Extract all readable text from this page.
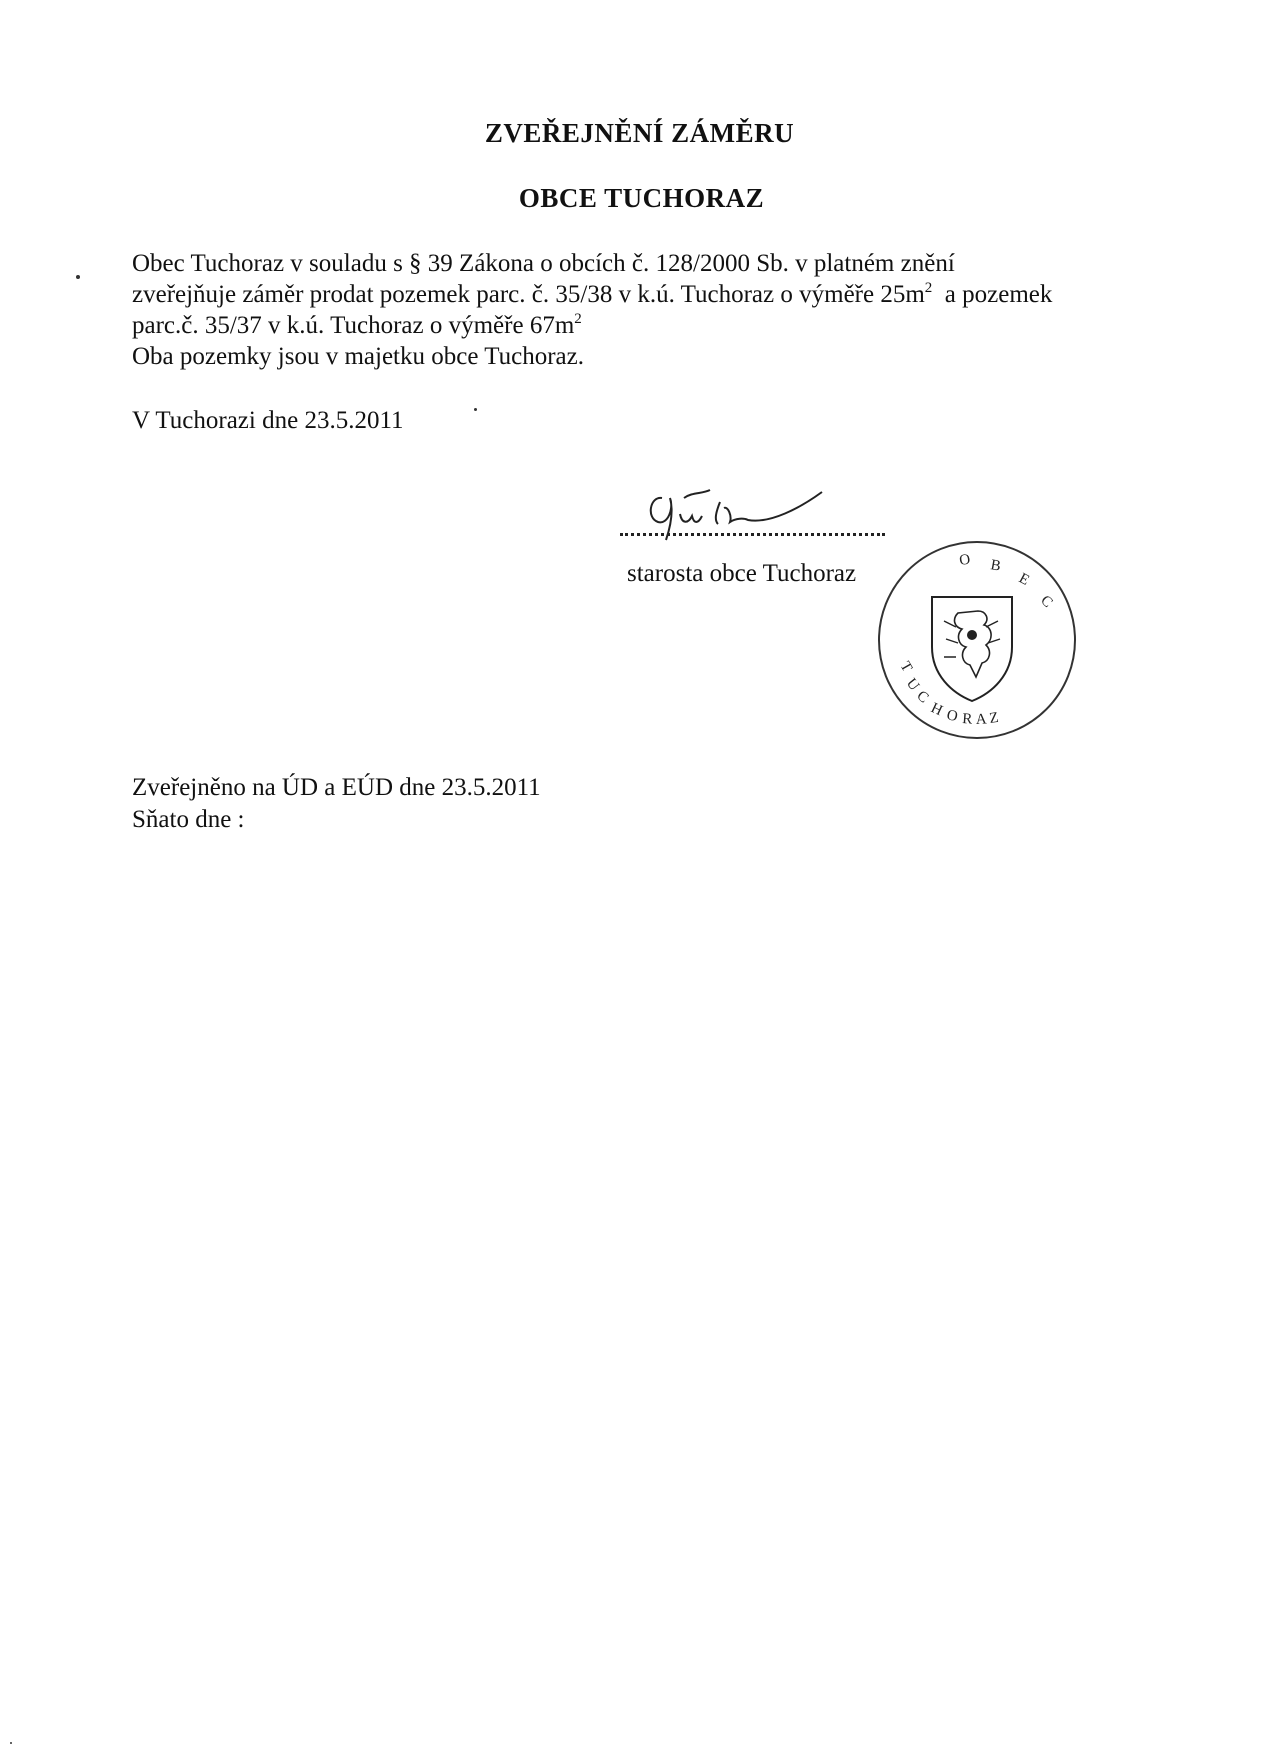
ZVEŘEJNĚNÍ ZÁMĚRU
OBCE TUCHORAZ
Obec Tuchoraz v souladu s § 39 Zákona o obcích č. 128/2000 Sb. v platném znění
zveřejňuje záměr prodat pozemek parc. č. 35/38 v k.ú. Tuchoraz o výměře $25m^2$ a pozemek
parc.č. 35/37 v k.ú. Tuchoraz o výměře $67m^2$
Oba pozemky jsou v majetku obce Tuchoraz.
V Tuchorazi dne 23.5.2011
starosta obce Tuchoraz	O B
E
C
T
U
C
H O R A Z
Zveřejněno na ÚD a EÚD dne 23.5.2011
Sňato dne :
